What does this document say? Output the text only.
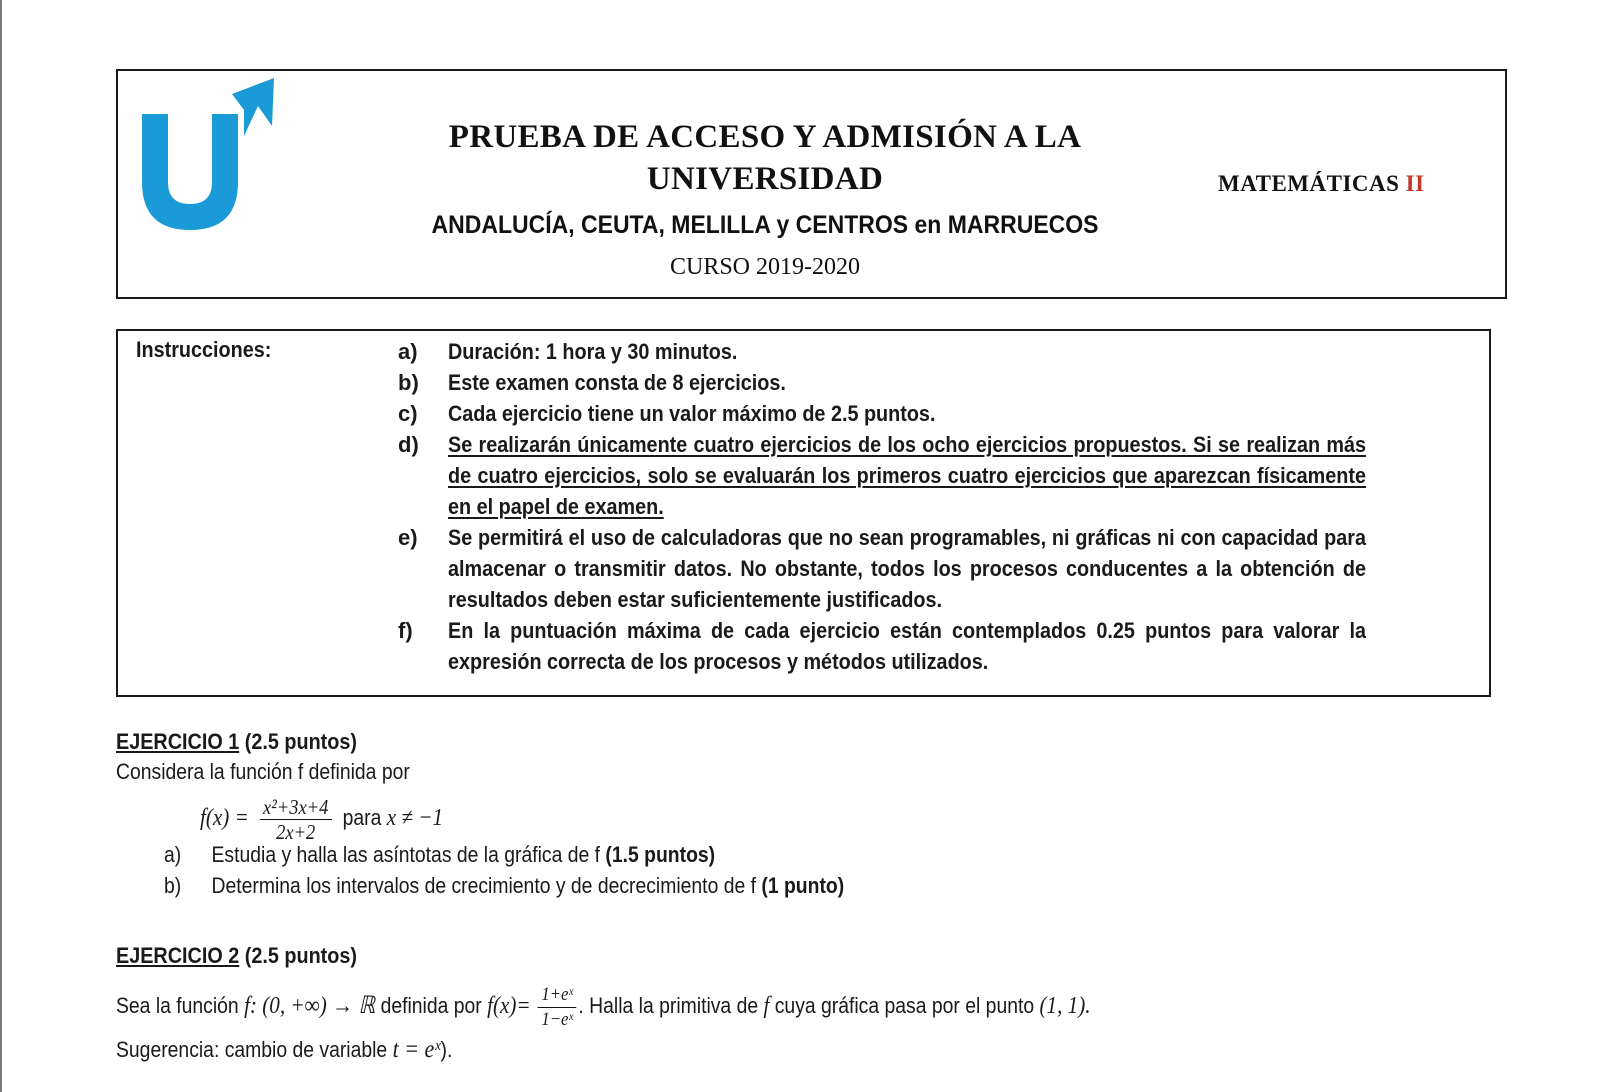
PRUEBA DE ACCESO Y ADMISIÓN A LA
UNIVERSIDAD
ANDALUCÍA, CEUTA, MELILLA y CENTROS en MARRUECOS
CURSO 2019-2020
MATEMÁTICAS II
Instrucciones:	a)	Duración: 1 hora y 30 minutos.
b)	Este examen consta de 8 ejercicios.
c)	Cada ejercicio tiene un valor máximo de 2.5 puntos.
d)	Se realizarán únicamente cuatro ejercicios de los ocho ejercicios propuestos. Si se realizan más de cuatro ejercicios, solo se evaluarán los primeros cuatro ejercicios que aparezcan físicamente en el papel de examen.
e)	Se permitirá el uso de calculadoras que no sean programables, ni gráficas ni con capacidad para almacenar o transmitir datos. No obstante, todos los procesos conducentes a la obtención de resultados deben estar suficientemente justificados.
f)	En la puntuación máxima de cada ejercicio están contemplados 0.25 puntos para valorar la expresión correcta de los procesos y métodos utilizados.
EJERCICIO 1 (2.5 puntos)
Considera la función f definida por
$f(x) = \frac{\text{x²+3x+4}}{2x+2}$ para x ≠ −1
a) Estudia y halla las asíntotas de la gráfica de f (1.5 puntos)
b) Determina los intervalos de crecimiento y de decrecimiento de f (1 punto)
EJERCICIO 2 (2.5 puntos)
Sea la función f: (0, +∞) → ℝ definida por $f(x)= \frac{\text{1+eˣ}}{\text{1−eˣ}}$ . Halla la primitiva de f cuya gráfica pasa por el punto (1, 1).
Sugerencia: cambio de variable t = eˣ).
